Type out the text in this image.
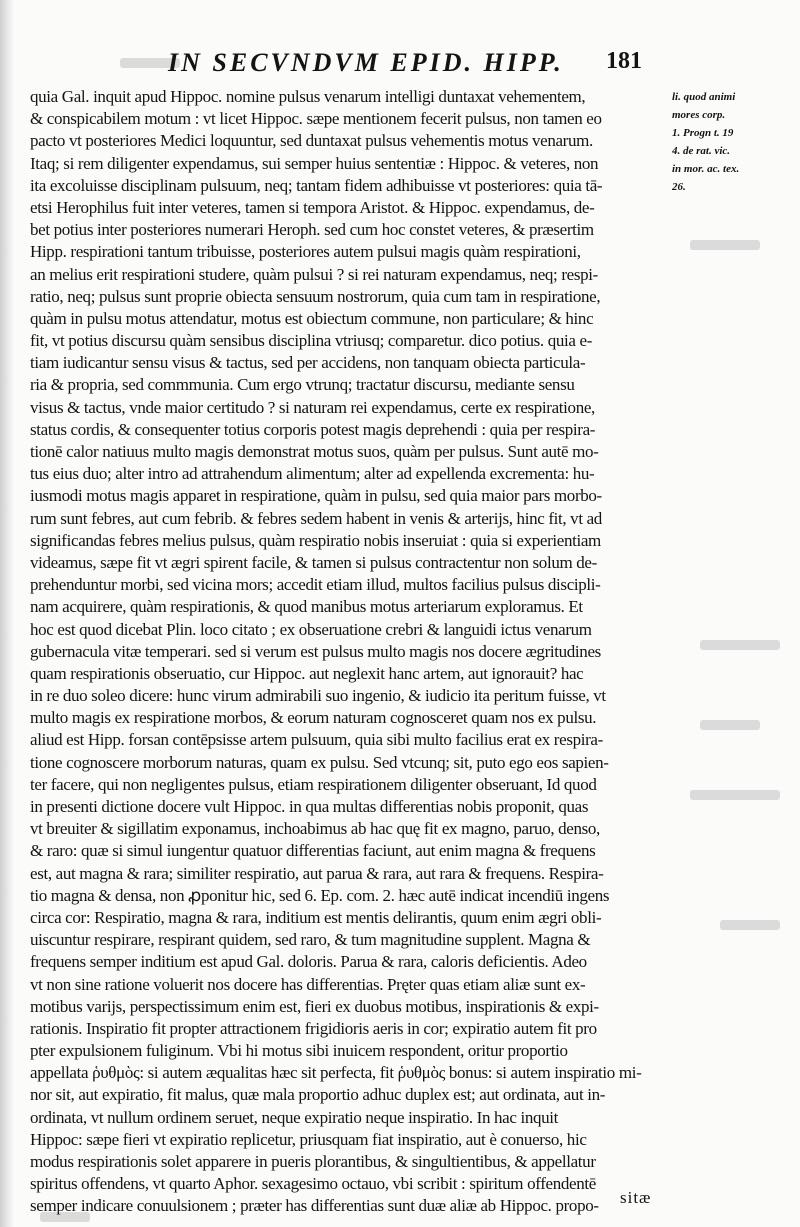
IN SECVNDVM EPID. HIPP. 181
quia Gal. inquit apud Hippoc. nomine pulsus venarum intelligi duntaxat vehementem,
& conspicabilem motum : vt licet Hippoc. sæpe mentionem fecerit pulsus, non tamen eo
pacto vt posteriores Medici loquuntur, sed duntaxat pulsus vehementis motus venarum.
Itaq; si rem diligenter expendamus, sui semper huius sententiæ : Hippoc. & veteres, non
ita excoluisse disciplinam pulsuum, neq; tantam fidem adhibuisse vt posteriores: quia tā-
etsi Herophilus fuit inter veteres, tamen si tempora Aristot. & Hippoc. expendamus, de-
bet potius inter posteriores numerari Heroph. sed cum hoc constet veteres, & præsertim
Hipp. respirationi tantum tribuisse, posteriores autem pulsui magis quàm respirationi,
an melius erit respirationi studere, quàm pulsui ? si rei naturam expendamus, neq; respi-
ratio, neq; pulsus sunt proprie obiecta sensuum nostrorum, quia cum tam in respiratione,
quàm in pulsu motus attendatur, motus est obiectum commune, non particulare; & hinc
fit, vt potius discursu quàm sensibus disciplina vtriusq; comparetur. dico potius. quia e-
tiam iudicantur sensu visus & tactus, sed per accidens, non tanquam obiecta particula-
ria & propria, sed commmunia. Cum ergo vtrunq; tractatur discursu, mediante sensu
visus & tactus, vnde maior certitudo ? si naturam rei expendamus, certe ex respiratione,
status cordis, & consequenter totius corporis potest magis deprehendi : quia per respira-
tionē calor natiuus multo magis demonstrat motus suos, quàm per pulsus. Sunt autē mo-
tus eius duo; alter intro ad attrahendum alimentum; alter ad expellenda excrementa: hu-
iusmodi motus magis apparet in respiratione, quàm in pulsu, sed quia maior pars morbo-
rum sunt febres, aut cum febrib. & febres sedem habent in venis & arterijs, hinc fit, vt ad
significandas febres melius pulsus, quàm respiratio nobis inseruiat : quia si experientiam
videamus, sæpe fit vt ægri spirent facile, & tamen si pulsus contractentur non solum de-
prehenduntur morbi, sed vicina mors; accedit etiam illud, multos facilius pulsus discipli-
nam acquirere, quàm respirationis, & quod manibus motus arteriarum exploramus. Et
hoc est quod dicebat Plin. loco citato ; ex obseruatione crebri & languidi ictus venarum
gubernacula vitæ temperari. sed si verum est pulsus multo magis nos docere ægritudines
quam respirationis obseruatio, cur Hippoc. aut neglexit hanc artem, aut ignorauit? hac
in re duo soleo dicere: hunc virum admirabili suo ingenio, & iudicio ita peritum fuisse, vt
multo magis ex respiratione morbos, & eorum naturam cognosceret quam nos ex pulsu.
aliud est Hipp. forsan contēpsisse artem pulsuum, quia sibi multo facilius erat ex respira-
tione cognoscere morborum naturas, quam ex pulsu. Sed vtcunq; sit, puto ego eos sapien-
ter facere, qui non negligentes pulsus, etiam respirationem diligenter obseruant, Id quod
in presenti dictione docere vult Hippoc. in qua multas differentias nobis proponit, quas
vt breuiter & sigillatim exponamus, inchoabimus ab hac quę fit ex magno, paruo, denso,
& raro: quæ si simul iungentur quatuor differentias faciunt, aut enim magna & frequens
est, aut magna & rara; similiter respiratio, aut parua & rara, aut rara & frequens. Respira-
tio magna & densa, non ꝓponitur hic, sed 6. Ep. com. 2. hæc autē indicat incendiū ingens
circa cor: Respiratio, magna & rara, inditium est mentis delirantis, quum enim ægri obli-
uiscuntur respirare, respirant quidem, sed raro, & tum magnitudine supplent. Magna &
frequens semper inditium est apud Gal. doloris. Parua & rara, caloris deficientis. Adeo
vt non sine ratione voluerit nos docere has differentias. Pręter quas etiam aliæ sunt ex-
motibus varijs, perspectissimum enim est, fieri ex duobus motibus, inspirationis & expi-
rationis. Inspiratio fit propter attractionem frigidioris aeris in cor; expiratio autem fit pro
pter expulsionem fuliginum. Vbi hi motus sibi inuicem respondent, oritur proportio
appellata ῥυθμὸς: si autem æqualitas hæc sit perfecta, fit ῥυθμὸς bonus: si autem inspiratio mi-
nor sit, aut expiratio, fit malus, quæ mala proportio adhuc duplex est; aut ordinata, aut in-
ordinata, vt nullum ordinem seruet, neque expiratio neque inspiratio. In hac inquit
Hippoc: sæpe fieri vt expiratio replicetur, priusquam fiat inspiratio, aut è conuerso, hic
modus respirationis solet apparere in pueris plorantibus, & singultientibus, & appellatur
spiritus offendens, vt quarto Aphor. sexagesimo octauo, vbi scribit : spiritum offendentē
semper indicare conuulsionem ; præter has differentias sunt duæ aliæ ab Hippoc. propo-
li. quod animi
mores corp.
1. Progn t. 19
4. de rat. vic.
in mor. ac. tex.
26.
sitæ
